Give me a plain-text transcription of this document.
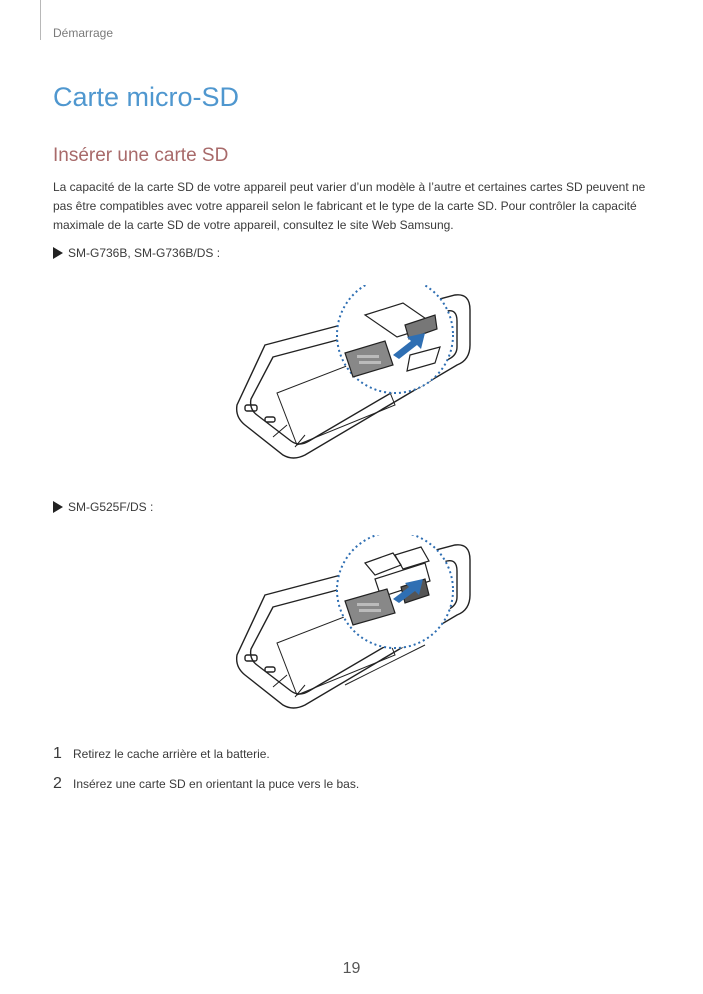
Démarrage
Carte micro-SD
Insérer une carte SD

La capacité de la carte SD de votre appareil peut varier d’un modèle à l’autre et certaines cartes SD peuvent ne pas être compatibles avec votre appareil selon le fabricant et le type de la carte SD. Pour contrôler la capacité maximale de la carte SD de votre appareil, consultez le site Web Samsung.

SM-G736B, SM-G736B/DS :
SM-G525F/DS :
1 Retirez le cache arrière et la batterie.
2 Insérez une carte SD en orientant la puce vers le bas.
19
